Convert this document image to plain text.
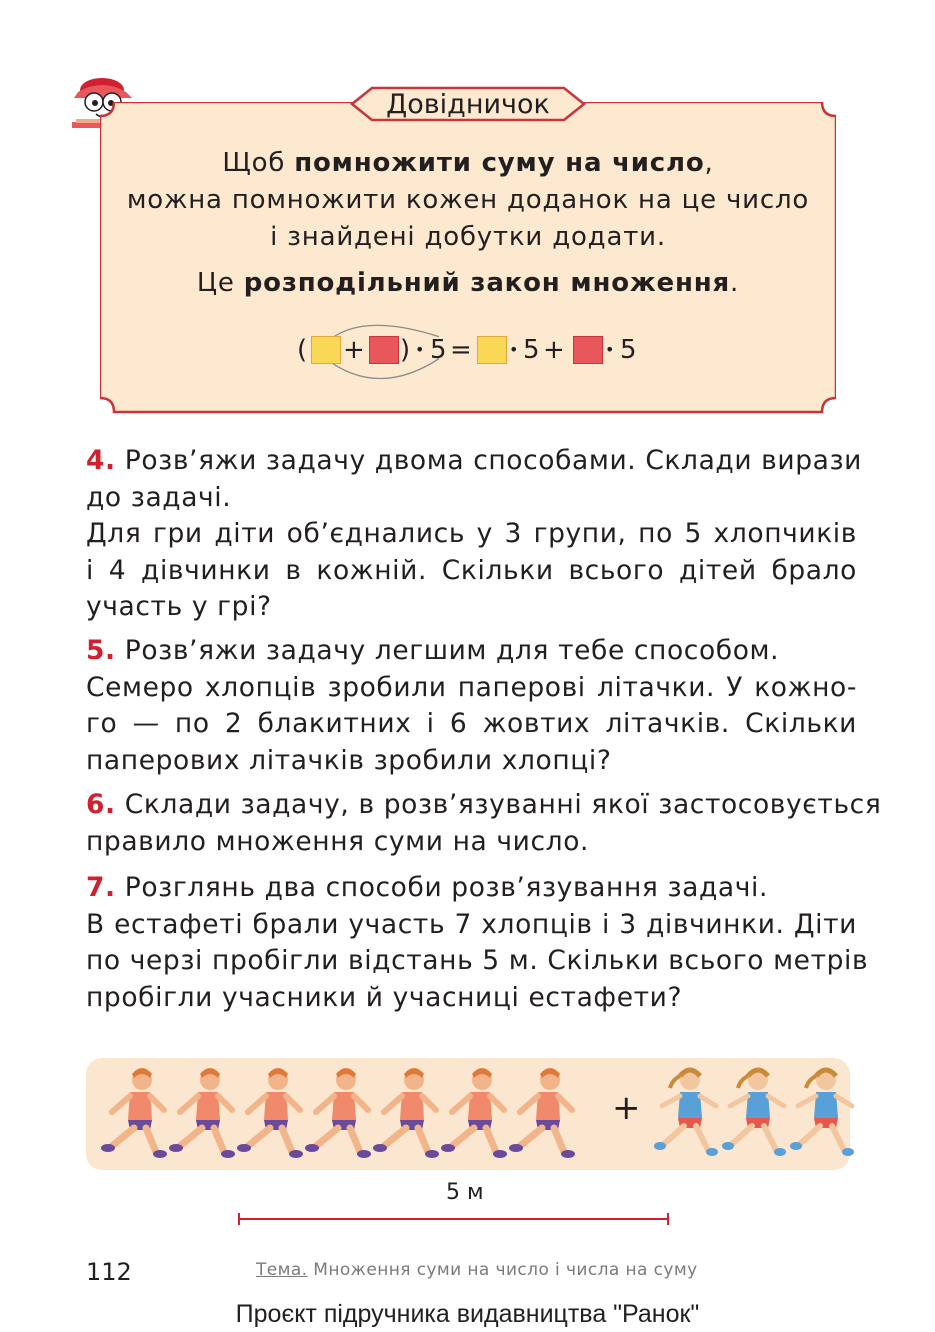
Довідничок
Щоб помножити суму на число,
можна помножити кожен доданок на це число
і знайдені добутки додати.
Це розподільний закон множення.
( + ) • 5 = • 5 +	• 5
4. Розв’яжи задачу двома способами. Склади вирази
до задачі.
Для гри діти об’єднались у 3 групи, по 5 хлопчиків
і 4 дівчинки в кожній. Скільки всього дітей брало
участь у грі?
5. Розв’яжи задачу легшим для тебе способом.
Семеро хлопців зробили паперові літачки. У кожно-
го — по 2 блакитних і 6 жовтих літачків. Скільки
паперових літачків зробили хлопці?
6. Склади задачу, в розв’язуванні якої застосовується
правило множення суми на число.
7. Розглянь два способи розв’язування задачі.
В естафеті брали участь 7 хлопців і 3 дівчинки. Діти
по черзі пробігли відстань 5 м. Скільки всього метрів
пробігли учасники й учасниці естафети?
+
5 м
112	Тема. Множення суми на число і числа на суму
Проєкт підручника видавництва "Ранок"
